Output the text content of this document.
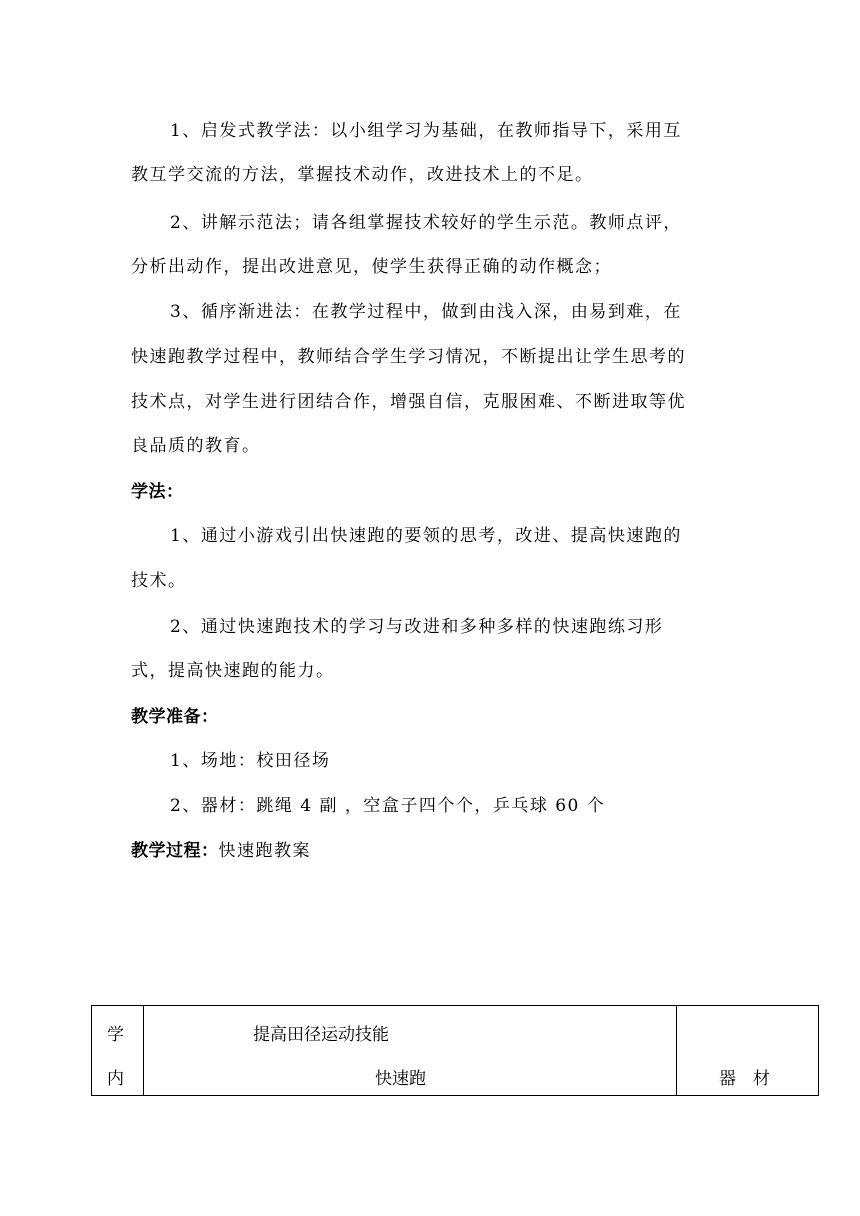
1、启发式教学法：以小组学习为基础，在教师指导下，采用互
教互学交流的方法，掌握技术动作，改进技术上的不足。
2、讲解示范法；请各组掌握技术较好的学生示范。教师点评，
分析出动作，提出改进意见，使学生获得正确的动作概念；
3、循序渐进法：在教学过程中，做到由浅入深，由易到难，在
快速跑教学过程中，教师结合学生学习情况，不断提出让学生思考的
技术点，对学生进行团结合作，增强自信，克服困难、不断进取等优
良品质的教育。
学法：
1、通过小游戏引出快速跑的要领的思考，改进、提高快速跑的
技术。
2、通过快速跑技术的学习与改进和多种多样的快速跑练习形
式，提高快速跑的能力。
教学准备：
1、场地：校田径场
2、器材：跳绳 4 副 ，空盒子四个个，乒乓球 60 个
教学过程：快速跑教案
学
内
提高田径运动技能
快速跑	器　材
